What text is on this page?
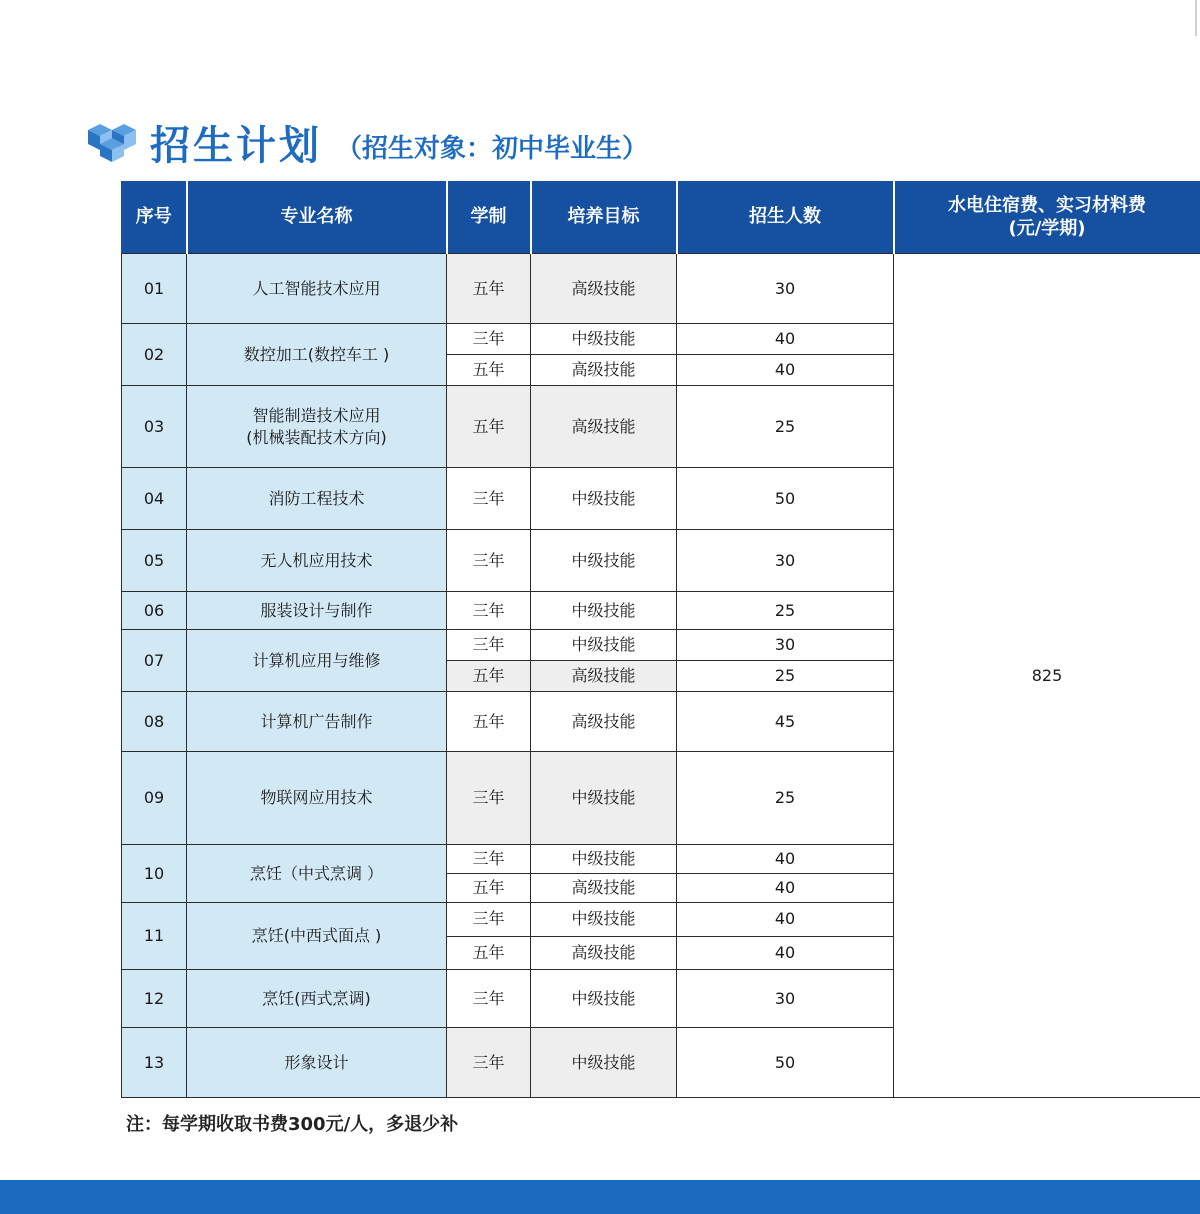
招生计划 （招生对象：初中毕业生）
序号	专业名称	学制	培养目标	招生人数	水电住宿费、实习材料费
(元/学期)
01	人工智能技术应用	五年	高级技能	30	825
02	数控加工(数控车工 )	三年	中级技能	40	
		五年	高级技能	40	
03	智能制造技术应用
(机械装配技术方向)	五年	高级技能	25	
04	消防工程技术	三年	中级技能	50	
05	无人机应用技术	三年	中级技能	30	
06	服装设计与制作	三年	中级技能	25	
07	计算机应用与维修	三年	中级技能	30	
		五年	高级技能	25	
08	计算机广告制作	五年	高级技能	45	
09	物联网应用技术	三年	中级技能	25	
10	烹饪（中式烹调 ）	三年	中级技能	40	
		五年	高级技能	40	
11	烹饪(中西式面点 )	三年	中级技能	40	
		五年	高级技能	40	
12	烹饪(西式烹调)	三年	中级技能	30	
13	形象设计	三年	中级技能	50	
注：每学期收取书费300元/人，多退少补
